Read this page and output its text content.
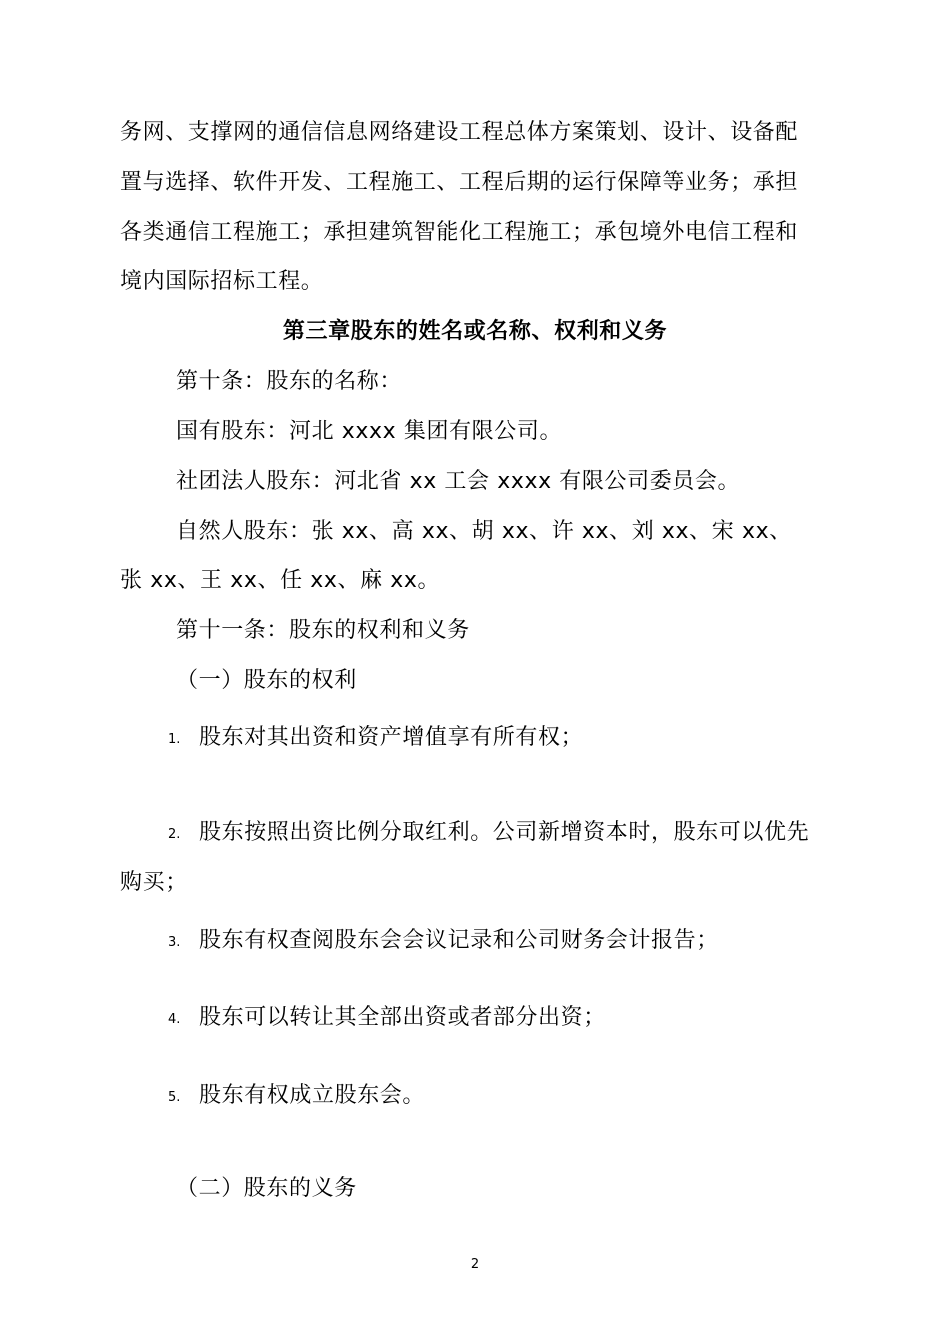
务网、支撑网的通信信息网络建设工程总体方案策划、设计、设备配
置与选择、软件开发、工程施工、工程后期的运行保障等业务；承担
各类通信工程施工；承担建筑智能化工程施工；承包境外电信工程和
境内国际招标工程。
第三章股东的姓名或名称、权利和义务
第十条：股东的名称：
国有股东：河北 xxxx 集团有限公司。
社团法人股东：河北省 xx 工会 xxxx 有限公司委员会。
自然人股东：张 xx、高 xx、胡 xx、许 xx、刘 xx、宋 xx、
张 xx、王 xx、任 xx、麻 xx。
第十一条：股东的权利和义务
（一）股东的权利
1. 股东对其出资和资产增值享有所有权；
2. 股东按照出资比例分取红利。公司新增资本时，股东可以优先
购买；
3. 股东有权查阅股东会会议记录和公司财务会计报告；
4. 股东可以转让其全部出资或者部分出资；
5. 股东有权成立股东会。
（二）股东的义务
2
